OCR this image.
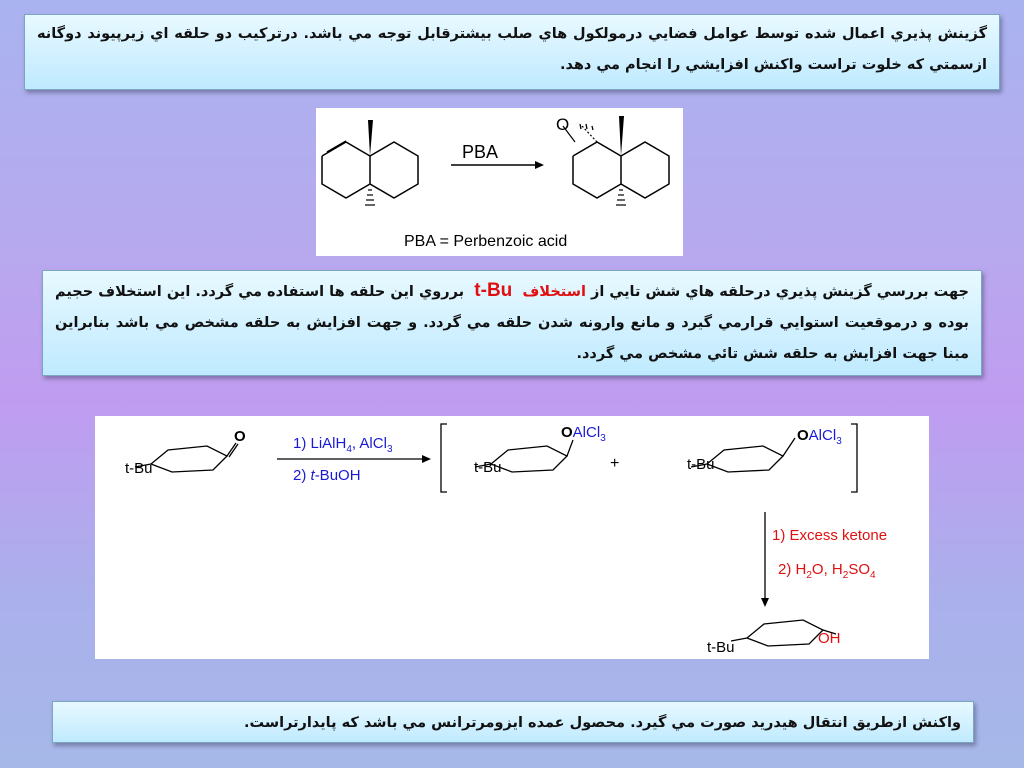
گزینش پذیري اعمال شده توسط عوامل فضایي درمولکول هاي صلب بیشترقابل توجه مي باشد. درترکیب دو حلقه اي زیرپیوند دوگانه ازسمتي که خلوت تراست واکنش افزایشي را انجام مي دهد.
PBA
O
PBA = Perbenzoic acid
جهت بررسي گزینش پذیري درحلقه هاي شش تايي از استخلاف  t-Bu  برروي این حلقه ها استفاده مي گردد. این استخلاف حجیم بوده و درموقعیت استوایي قرارمي گیرد و مانع وارونه شدن حلقه مي گردد. و جهت افزایش به حلقه مشخص مي باشد بنابراین مبنا جهت افزایش به حلقه شش تائي مشخص مي گردد.
t-Bu
O	1) LiAlH$_4$, AlCl$_3$
2) t-BuOH	t-Bu
OAlCl$_3$
+	t-Bu
OAlCl$_3$
1) Excess ketone
2) $H_2O$, $H_2SO_4$
t-Bu
OH
واکنش ازطریق انتقال هیدرید صورت مي گیرد. محصول عمده ایزومرترانس مي باشد که پایدارتراست.
